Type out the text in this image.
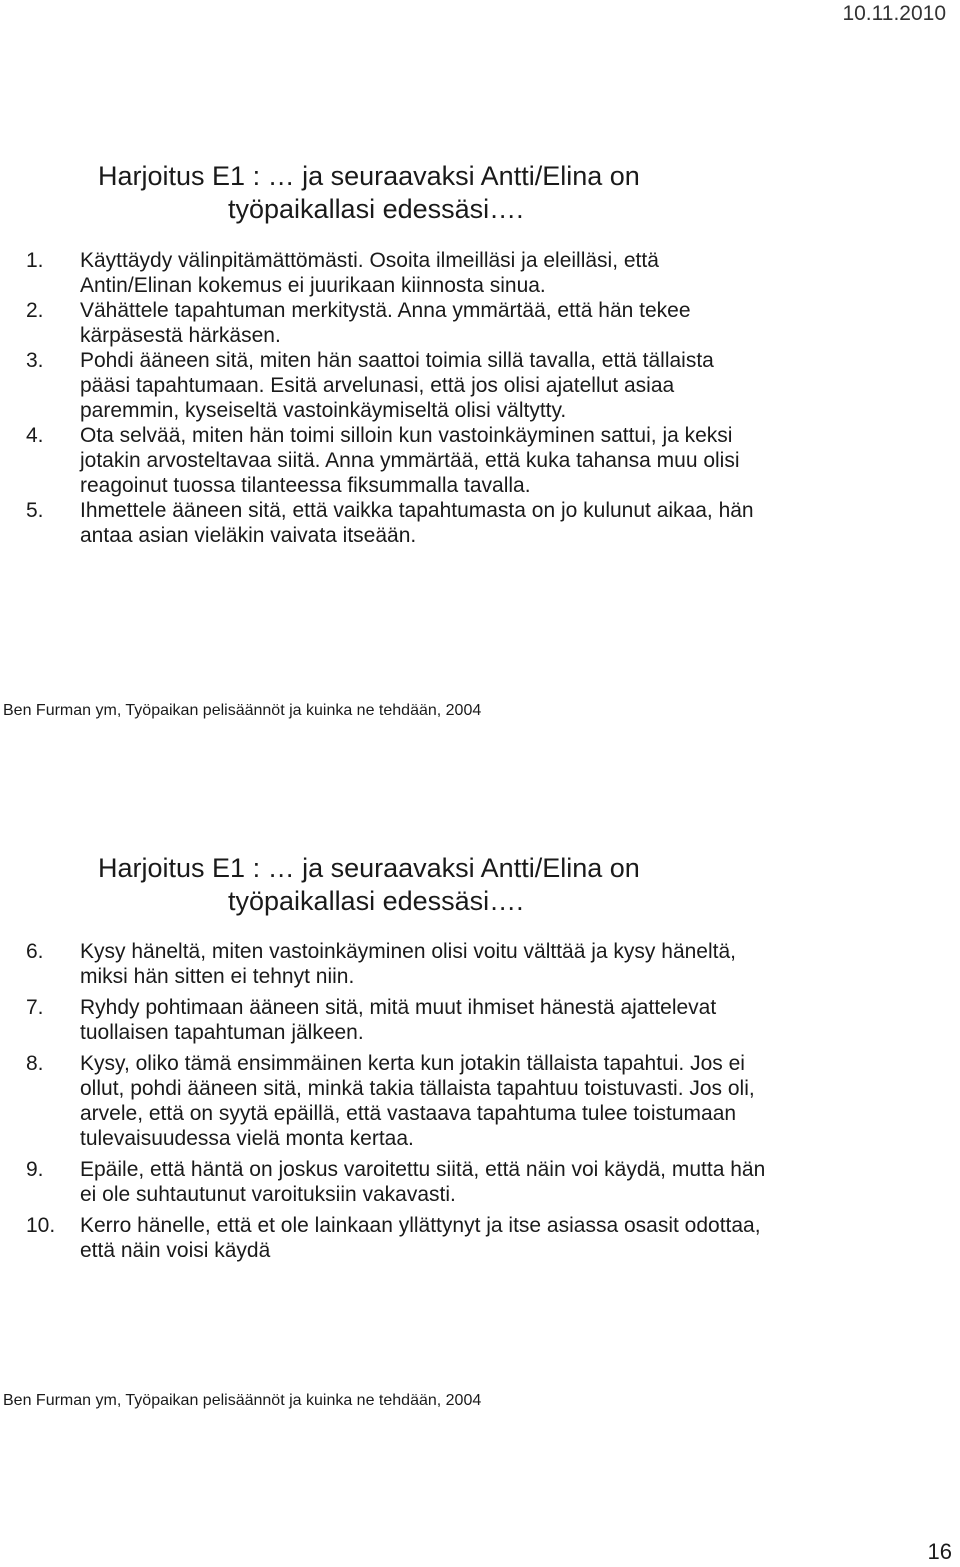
10.11.2010
Harjoitus E1 : … ja seuraavaksi Antti/Elina on
työpaikallasi edessäsi….
1. Käyttäydy välinpitämättömästi. Osoita ilmeilläsi ja eleilläsi, että Antin/Elinan kokemus ei juurikaan kiinnosta sinua.
2. Vähättele tapahtuman merkitystä. Anna ymmärtää, että hän tekee kärpäsestä härkäsen.
3. Pohdi ääneen sitä, miten hän saattoi toimia sillä tavalla, että tällaista pääsi tapahtumaan. Esitä arvelunasi, että jos olisi ajatellut asiaa paremmin, kyseiseltä vastoinkäymiseltä olisi vältytty.
4. Ota selvää, miten hän toimi silloin kun vastoinkäyminen sattui, ja keksi jotakin arvosteltavaa siitä. Anna ymmärtää, että kuka tahansa muu olisi reagoinut tuossa tilanteessa fiksummalla tavalla.
5. Ihmettele ääneen sitä, että vaikka tapahtumasta on jo kulunut aikaa, hän antaa asian vieläkin vaivata itseään.
Ben Furman ym, Työpaikan pelisäännöt ja kuinka ne tehdään, 2004
Harjoitus E1 : … ja seuraavaksi Antti/Elina on
työpaikallasi edessäsi….
6. Kysy häneltä, miten vastoinkäyminen olisi voitu välttää ja kysy häneltä, miksi hän sitten ei tehnyt niin.
7. Ryhdy pohtimaan ääneen sitä, mitä muut ihmiset hänestä ajattelevat tuollaisen tapahtuman jälkeen.
8. Kysy, oliko tämä ensimmäinen kerta kun jotakin tällaista tapahtui. Jos ei ollut, pohdi ääneen sitä, minkä takia tällaista tapahtuu toistuvasti. Jos oli, arvele, että on syytä epäillä, että vastaava tapahtuma tulee toistumaan tulevaisuudessa vielä monta kertaa.
9. Epäile, että häntä on joskus varoitettu siitä, että näin voi käydä, mutta hän ei ole suhtautunut varoituksiin vakavasti.
10. Kerro hänelle, että et ole lainkaan yllättynyt ja itse asiassa osasit odottaa, että näin voisi käydä
Ben Furman ym, Työpaikan pelisäännöt ja kuinka ne tehdään, 2004
16
